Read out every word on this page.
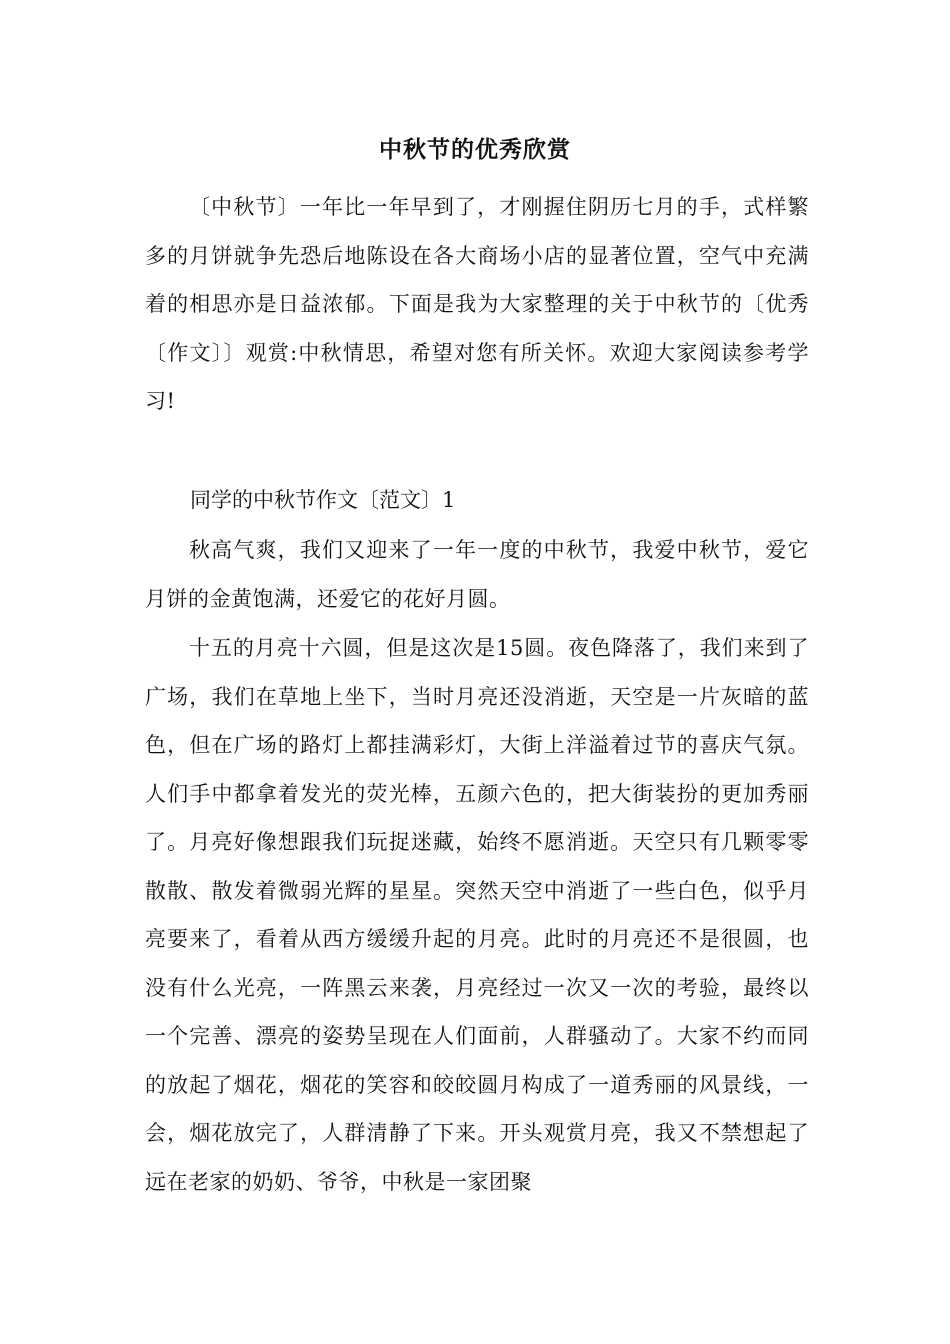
中秋节的优秀欣赏

〔中秋节〕一年比一年早到了，才刚握住阴历七月的手，式样繁多的月饼就争先恐后地陈设在各大商场小店的显著位置，空气中充满着的相思亦是日益浓郁。下面是我为大家整理的关于中秋节的〔优秀〔作文〕〕观赏:中秋情思，希望对您有所关怀。欢迎大家阅读参考学习!

同学的中秋节作文〔范文〕1

秋高气爽，我们又迎来了一年一度的中秋节，我爱中秋节，爱它月饼的金黄饱满，还爱它的花好月圆。

十五的月亮十六圆，但是这次是15圆。夜色降落了，我们来到了广场，我们在草地上坐下，当时月亮还没消逝，天空是一片灰暗的蓝色，但在广场的路灯上都挂满彩灯，大街上洋溢着过节的喜庆气氛。人们手中都拿着发光的荧光棒，五颜六色的，把大街装扮的更加秀丽了。月亮好像想跟我们玩捉迷藏，始终不愿消逝。天空只有几颗零零散散、散发着微弱光辉的星星。突然天空中消逝了一些白色，似乎月亮要来了，看着从西方缓缓升起的月亮。此时的月亮还不是很圆，也没有什么光亮，一阵黑云来袭，月亮经过一次又一次的考验，最终以一个完善、漂亮的姿势呈现在人们面前，人群骚动了。大家不约而同的放起了烟花，烟花的笑容和皎皎圆月构成了一道秀丽的风景线，一会，烟花放完了，人群清静了下来。开头观赏月亮，我又不禁想起了远在老家的奶奶、爷爷，中秋是一家团聚
